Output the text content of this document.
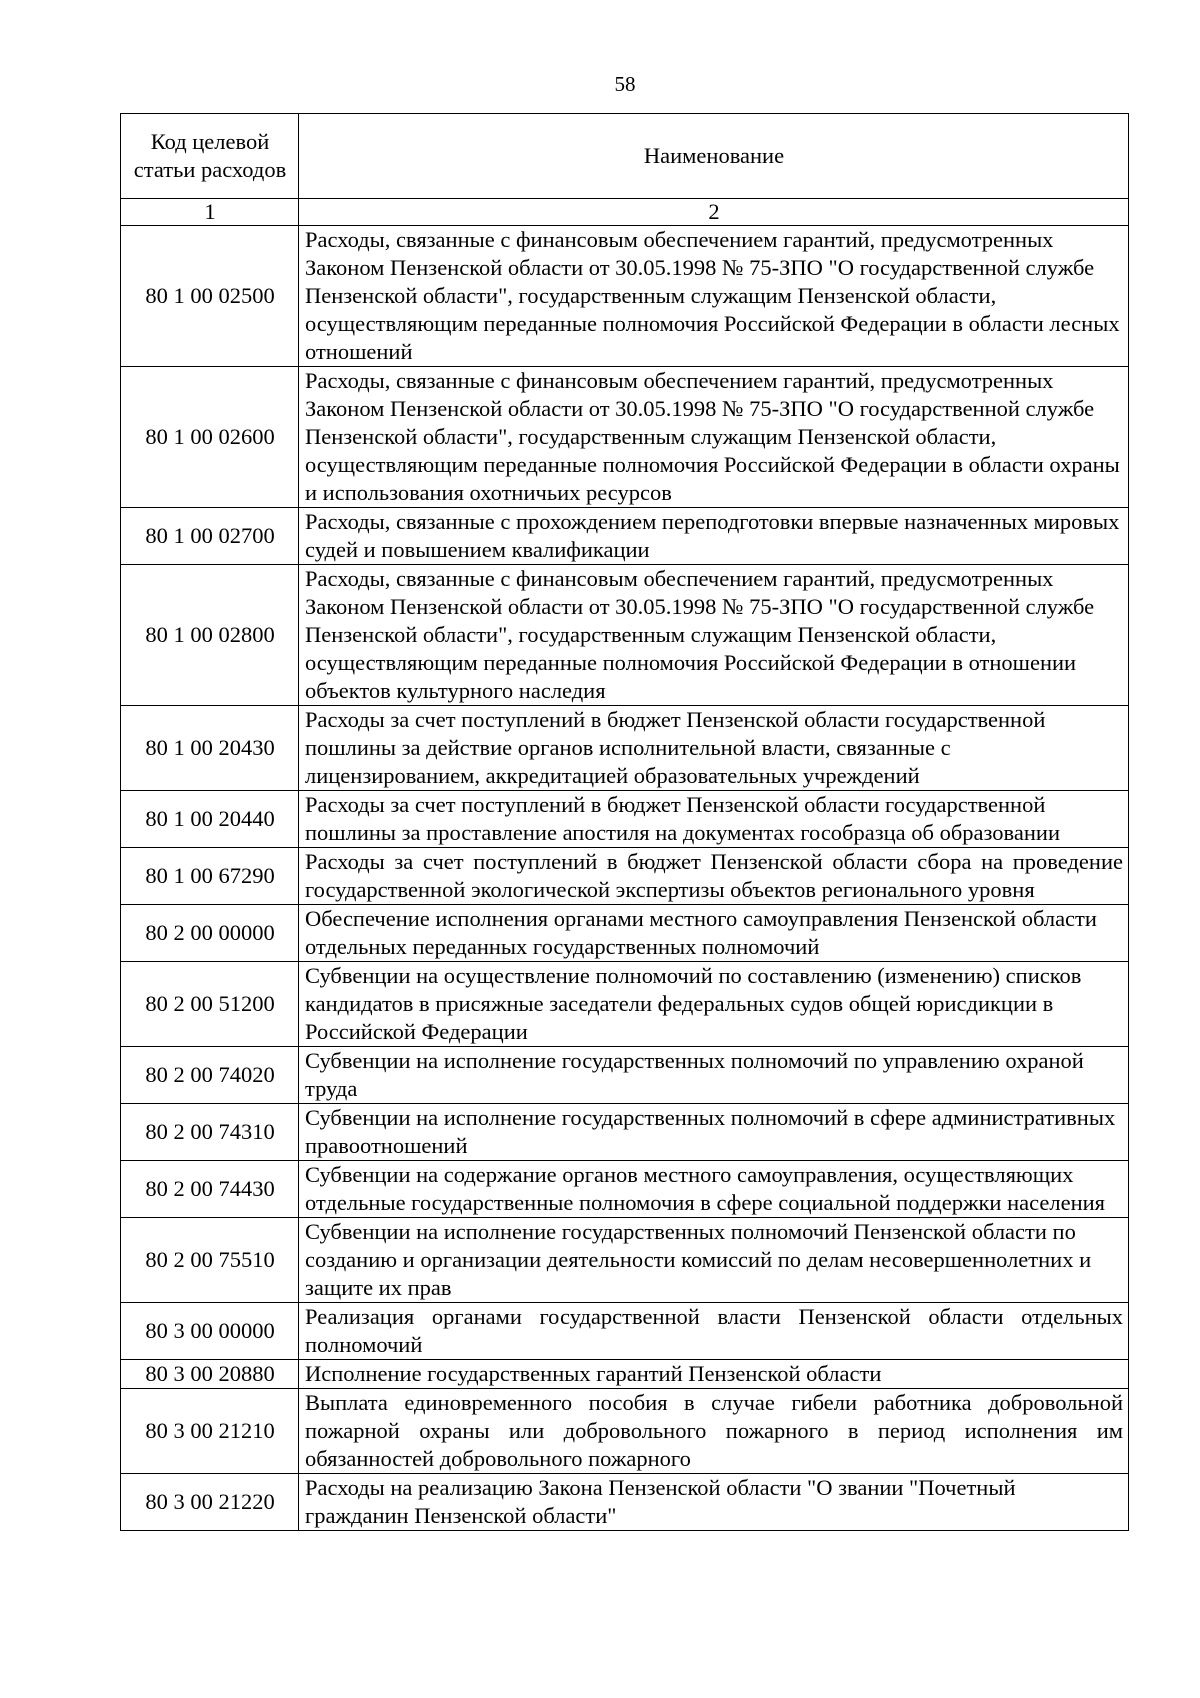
58
Код целевой статьи расходов	Наименование
1	2
80 1 00 02500	Расходы, связанные с финансовым обеспечением гарантий, предусмотренных Законом Пензенской области от 30.05.1998 № 75-ЗПО "О государственной службе Пензенской области", государственным служащим Пензенской области, осуществляющим переданные полномочия Российской Федерации в области лесных отношений
80 1 00 02600	Расходы, связанные с финансовым обеспечением гарантий, предусмотренных Законом Пензенской области от 30.05.1998 № 75-ЗПО "О государственной службе Пензенской области", государственным служащим Пензенской области, осуществляющим переданные полномочия Российской Федерации в области охраны и использования охотничьих ресурсов
80 1 00 02700	Расходы, связанные с прохождением переподготовки впервые назначенных мировых судей и повышением квалификации
80 1 00 02800	Расходы, связанные с финансовым обеспечением гарантий, предусмотренных Законом Пензенской области от 30.05.1998 № 75-ЗПО "О государственной службе Пензенской области", государственным служащим Пензенской области, осуществляющим переданные полномочия Российской Федерации в отношении объектов культурного наследия
80 1 00 20430	Расходы за счет поступлений в бюджет Пензенской области государственной пошлины за действие органов исполнительной власти, связанные с лицензированием, аккредитацией образовательных учреждений
80 1 00 20440	Расходы за счет поступлений в бюджет Пензенской области государственной пошлины за проставление апостиля на документах гособразца об образовании
80 1 00 67290	Расходы за счет поступлений в бюджет Пензенской области сбора на проведение государственной экологической экспертизы объектов регионального уровня
80 2 00 00000	Обеспечение исполнения органами местного самоуправления Пензенской области отдельных переданных государственных полномочий
80 2 00 51200	Субвенции на осуществление полномочий по составлению (изменению) списков кандидатов в присяжные заседатели федеральных судов общей юрисдикции в Российской Федерации
80 2 00 74020	Субвенции на исполнение государственных полномочий по управлению охраной труда
80 2 00 74310	Субвенции на исполнение государственных полномочий в сфере административных правоотношений
80 2 00 74430	Субвенции на содержание органов местного самоуправления, осуществляющих отдельные государственные полномочия в сфере социальной поддержки населения
80 2 00 75510	Субвенции на исполнение государственных полномочий Пензенской области по созданию и организации деятельности комиссий по делам несовершеннолетних и защите их прав
80 3 00 00000	Реализация органами государственной власти Пензенской области отдельных полномочий
80 3 00 20880	Исполнение государственных гарантий Пензенской области
80 3 00 21210	Выплата единовременного пособия в случае гибели работника добровольной пожарной охраны или добровольного пожарного в период исполнения им обязанностей добровольного пожарного
80 3 00 21220	Расходы на реализацию Закона Пензенской области "О звании "Почетный гражданин Пензенской области"
